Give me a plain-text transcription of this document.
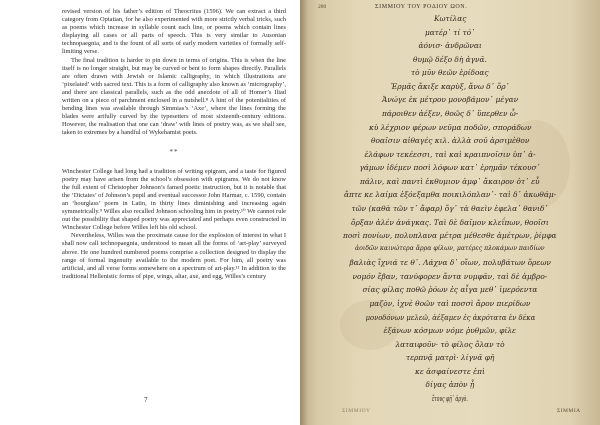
revised version of his father’s edition of Theocritus (1596). We can extract a third category from Optatian, for he also experimented with more strictly verbal tricks, such as poems which increase in syllable count each line, or poems which contain lines displaying all cases or all parts of speech. This is very similar to Ausonian technopaegnia, and is the fount of all sorts of early modern varieties of formally self-limiting verse.

The final tradition is harder to pin down in terms of origins. This is when the line itself is no longer straight, but may be curved or bent to form shapes directly. Parallels are often drawn with Jewish or Islamic calligraphy, in which illustrations are ‘pixelated’ with sacred text. This is a form of calligraphy also known as ‘micrography’, and there are classical parallels, such as the odd anecdote of all of Homer’s Iliad written on a piece of parchment enclosed in a nutshell.⁸ A hint of the potentialities of bending lines was available through Simmias’s ‘Axe’, where the lines forming the blades were artfully curved by the typesetters of most sixteenth-century editions. However, the realisation that one can ‘draw’ with lines of poetry was, as we shall see, taken to extremes by a handful of Wykehamist poets.

**

Winchester College had long had a tradition of writing epigram, and a taste for figured poetry may have arisen from the school’s obsession with epigrams. We do not know the full extent of Christopher Johnson’s famed poetic instruction, but it is notable that the ‘Dictates’ of Johnson’s pupil and eventual successor John Harmar, c. 1590, contain an ‘hourglass’ poem in Latin, in thirty lines diminishing and increasing again symmetrically.⁹ Willes also recalled Johnson schooling him in poetry.¹⁰ We cannot rule out the possibility that shaped poetry was appreciated and perhaps even constructed in Winchester College before Willes left his old school.

Nevertheless, Willes was the proximate cause for the explosion of interest in what I shall now call technopaegnia, understood to mean all the forms of ‘art-play’ surveyed above. He one hundred numbered poems comprise a collection designed to display the range of formal ingenuity available to the modern poet. For him, all poetry was artificial, and all verse forms somewhere on a spectrum of art-play.¹¹ In addition to the traditional Hellenistic forms of pipe, wings, altar, axe, and egg, Willes’s century

7
280	ΣΙΜΜΙΟΥ ΤΟΥ ΡΟΔΙΟΥ ΩΟΝ.
Κωτίλας
ματέρ᾽ τί τό᾽
ἀόνισ· ἀνδρῶναι
θυμῷ δέξο δὴ ἁγνᾶ.
τὸ μῦν θεῶν ἐρίδοας
Ἑρμᾶς ἄκιξε καρὺξ, ἄνω δ᾽ ὄρ᾽
Ἀνώγε ἐκ μέτρου μονοβάμον᾽ μέγαν
πάροιθεν ἀέξεν, θοῶς δ᾽ ὕπερθεν ὦ-
κὺ λέχριον φέρων νεῦμα ποδῶν, σποράδων
θοαῖσιν αἰθαγές κιλ. ἀλλὰ σοῦ ἀρσιμὲθον
ἐλάφων τεκέεσσι, ταὶ καὶ κραιπνοῖσιν ὑπ᾽ ἁ-
γάμων ἰδέμεν ποσὶ λόφων κατ᾽ ἐρημᾶν τέκουσ᾽
πάλιν, καὶ παντὶ ἐκθυμιον ἀμφ᾽ ἄκαιρον ὀτ᾽ εὖ
ἄπτε κε λαίμα ἐξόεξαμθα ποικιλόπλαν᾽· ταὶ δ᾽ ἀκωθάμ-
τῶν (καθὰ τῶν τ᾽ ἄφαρ) ὄγ᾽ τὰ θαεὶν ἐφελα᾽ θανιδ᾽
ὄρξαν ἀλέν ἀνάγκας. Ταὶ δὲ δαῖμον κλεΐπων, θοοῖσι
ποσὶ πονίων, πολυπλανα μέτρα μέθεσθε ἀμέτρων, ῥίμφα
ἀοιδῶν καινώτερα ἄρρα φίλων, ματέρες πλοκάμων παιδίων
βαλιὰς ἴχνιά τε θ᾽. Λάχνα δ᾽ οἴων, πολυβάτων ὄρεων
νομόν ἔβαν, τανύφορεν ἄντα νυμφᾶν, ταὶ δὲ ἀμβρο-
σίας φίλας ποθῶ ῥόων ἐς αἶγα μεθ᾽ ἱμερόεντα
μαζὸν, ἰχνὲ θοῶν ταὶ ποσσὶ ἄρον πιερίδων
μονοδόνων μελεῶ, ἀέξαμεν ἐς ἀκρότατα ἐν δέκα
ἐξάνων κόσμων νόμε ῥυθμῶν, φίλε
λαταιφοῦν· τὸ φίλος ὄλαν τὸ
τερπνᾷ ματρὶ· λίγνᾶ φῆ
κε ἀσφαίνεστε ἐπὶ
δίγας ἀπὸν ᾖ
ἔτους φῇ᾽ ἀργὸ.
ΣΙΜΜΙΟΥ	ΣΙΜΜΙΑ
